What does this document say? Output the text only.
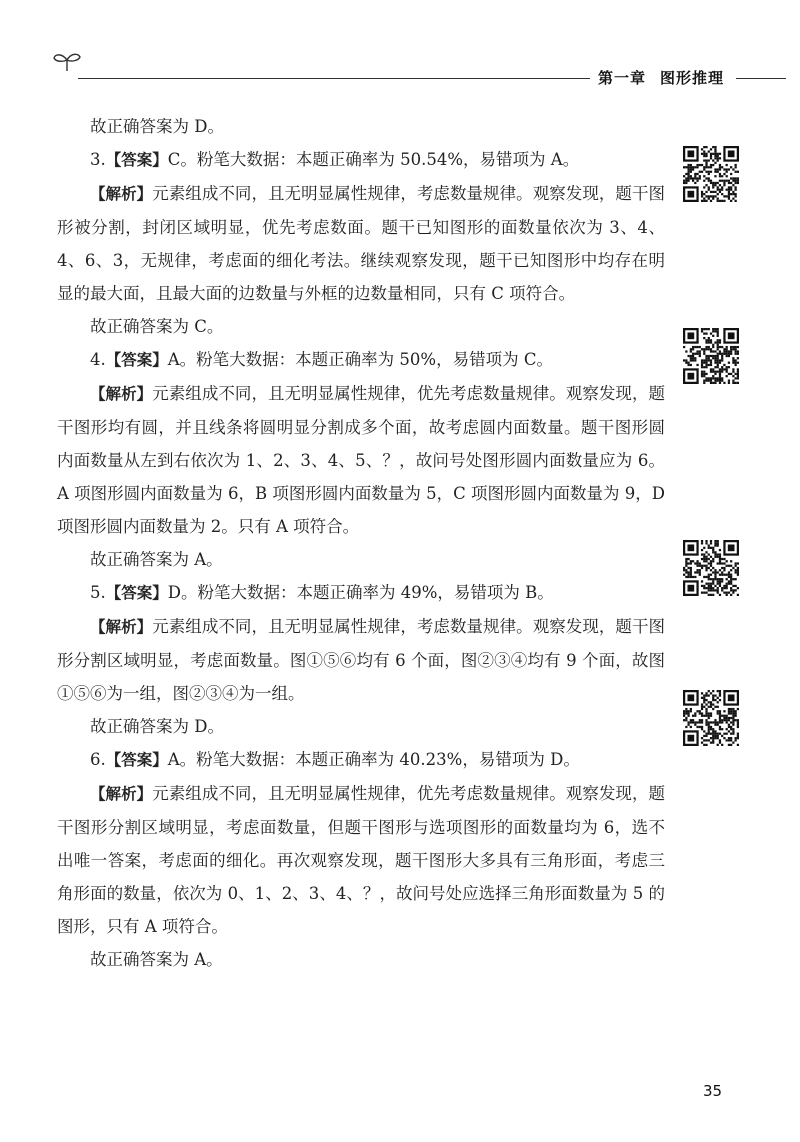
第一章 图形推理

故正确答案为 D。

3.【答案】C。粉笔大数据：本题正确率为 50.54%，易错项为 A。

【解析】元素组成不同，且无明显属性规律，考虑数量规律。观察发现，题干图形被分割，封闭区域明显，优先考虑数面。题干已知图形的面数量依次为 3、4、4、6、3，无规律，考虑面的细化考法。继续观察发现，题干已知图形中均存在明显的最大面，且最大面的边数量与外框的边数量相同，只有 C 项符合。

故正确答案为 C。

4.【答案】A。粉笔大数据：本题正确率为 50%，易错项为 C。

【解析】元素组成不同，且无明显属性规律，优先考虑数量规律。观察发现，题干图形均有圆，并且线条将圆明显分割成多个面，故考虑圆内面数量。题干图形圆内面数量从左到右依次为 1、2、3、4、5、？，故问号处图形圆内面数量应为 6。A 项图形圆内面数量为 6，B 项图形圆内面数量为 5，C 项图形圆内面数量为 9，D 项图形圆内面数量为 2。只有 A 项符合。

故正确答案为 A。

5.【答案】D。粉笔大数据：本题正确率为 49%，易错项为 B。

【解析】元素组成不同，且无明显属性规律，考虑数量规律。观察发现，题干图形分割区域明显，考虑面数量。图①⑤⑥均有 6 个面，图②③④均有 9 个面，故图①⑤⑥为一组，图②③④为一组。

故正确答案为 D。

6.【答案】A。粉笔大数据：本题正确率为 40.23%，易错项为 D。

【解析】元素组成不同，且无明显属性规律，优先考虑数量规律。观察发现，题干图形分割区域明显，考虑面数量，但题干图形与选项图形的面数量均为 6，选不出唯一答案，考虑面的细化。再次观察发现，题干图形大多具有三角形面，考虑三角形面的数量，依次为 0、1、2、3、4、？，故问号处应选择三角形面数量为 5 的图形，只有 A 项符合。

故正确答案为 A。

35
